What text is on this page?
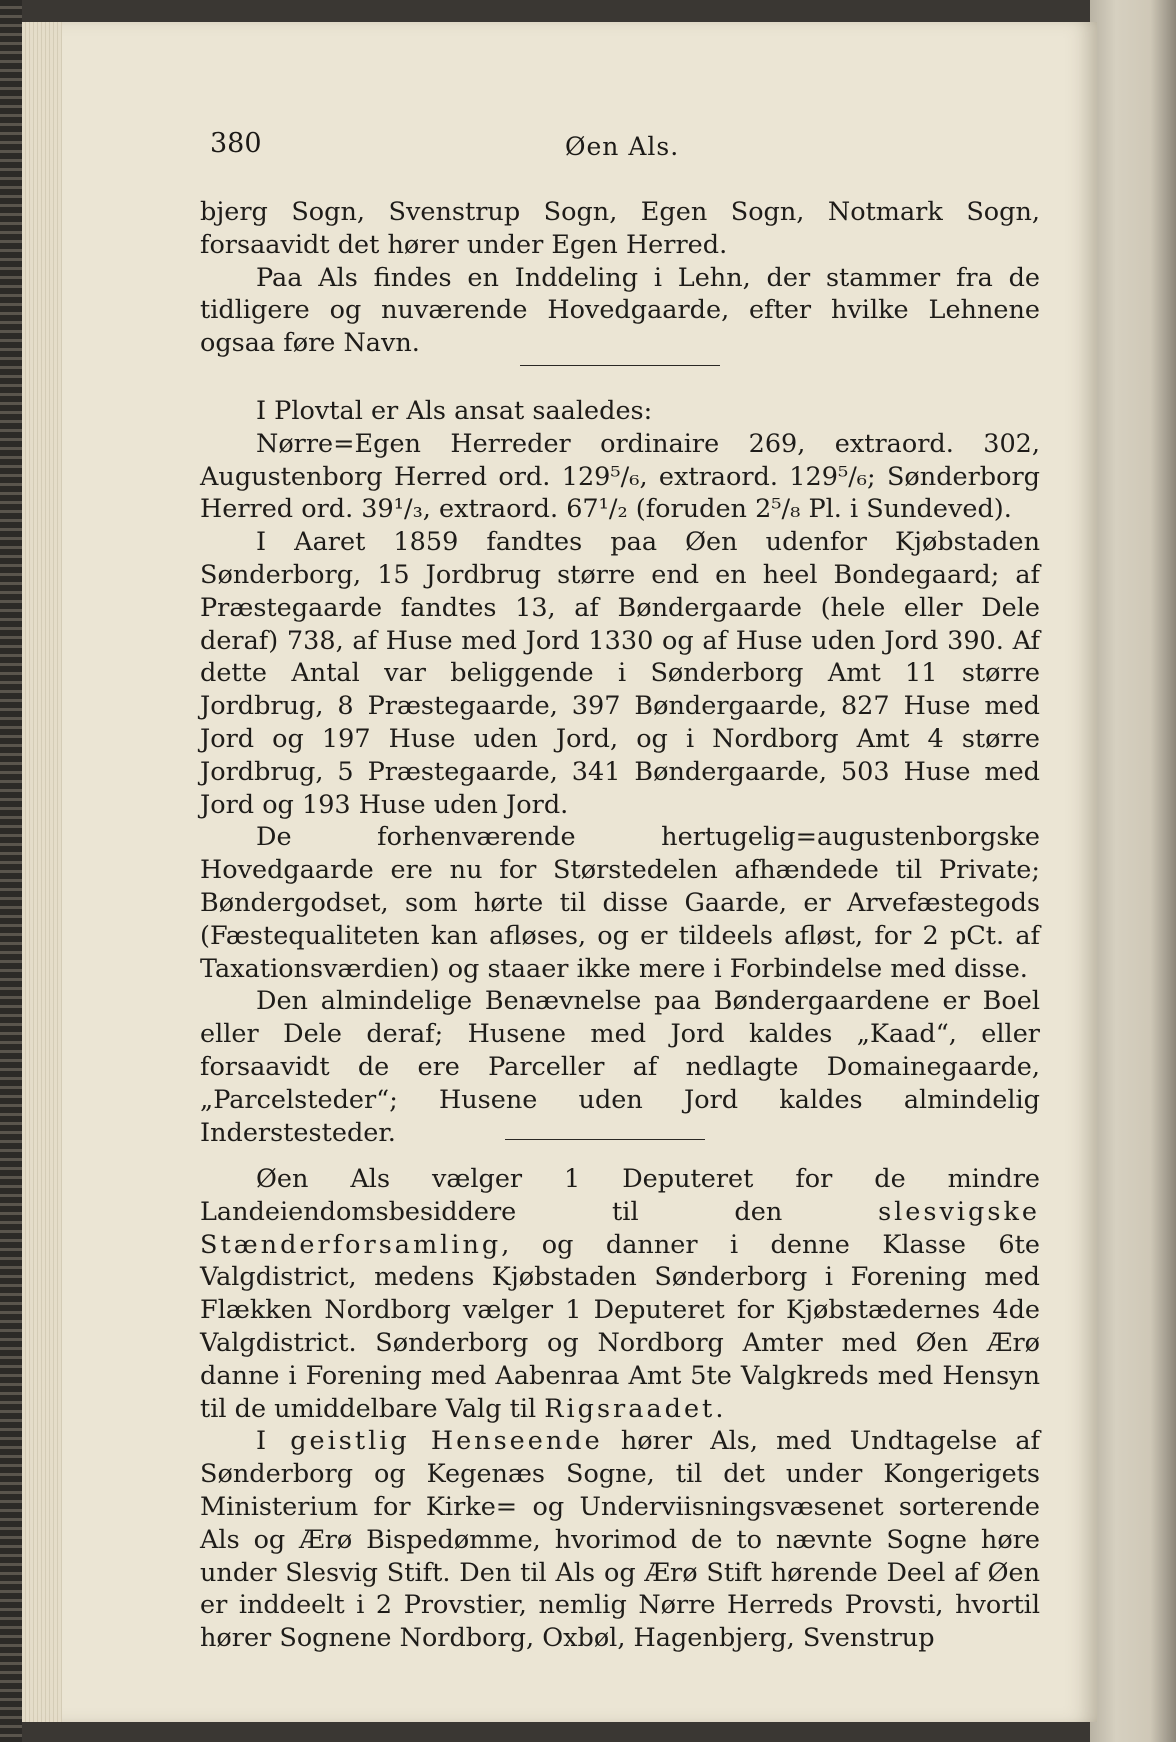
380	Øen Als.

bjerg Sogn, Svenstrup Sogn, Egen Sogn, Notmark Sogn, forsaavidt det hører under Egen Herred.

Paa Als findes en Inddeling i Lehn, der stammer fra de tidligere og nuværende Hovedgaarde, efter hvilke Lehnene ogsaa føre Navn.

I Plovtal er Als ansat saaledes:

Nørre=Egen Herreder ordinaire 269, extraord. 302, Augustenborg Herred ord. 129⁵/₆, extraord. 129⁵/₆; Sønderborg Herred ord. 39¹/₃, extraord. 67¹/₂ (foruden 2⁵/₈ Pl. i Sundeved).

I Aaret 1859 fandtes paa Øen udenfor Kjøbstaden Sønderborg, 15 Jordbrug større end en heel Bondegaard; af Præstegaarde fandtes 13, af Bøndergaarde (hele eller Dele deraf) 738, af Huse med Jord 1330 og af Huse uden Jord 390. Af dette Antal var beliggende i Sønderborg Amt 11 større Jordbrug, 8 Præstegaarde, 397 Bøndergaarde, 827 Huse med Jord og 197 Huse uden Jord, og i Nordborg Amt 4 større Jordbrug, 5 Præstegaarde, 341 Bøndergaarde, 503 Huse med Jord og 193 Huse uden Jord.

De forhenværende hertugelig=augustenborgske Hovedgaarde ere nu for Størstedelen afhændede til Private; Bøndergodset, som hørte til disse Gaarde, er Arvefæstegods (Fæstequaliteten kan afløses, og er tildeels afløst, for 2 pCt. af Taxationsværdien) og staaer ikke mere i Forbindelse med disse.

Den almindelige Benævnelse paa Bøndergaardene er Boel eller Dele deraf; Husene med Jord kaldes „Kaad“, eller forsaavidt de ere Parceller af nedlagte Domainegaarde, „Parcelsteder“; Husene uden Jord kaldes almindelig Inderstesteder.

Øen Als vælger 1 Deputeret for de mindre Landeiendomsbesiddere til den slesvigske Stænderforsamling, og danner i denne Klasse 6te Valgdistrict, medens Kjøbstaden Sønderborg i Forening med Flækken Nordborg vælger 1 Deputeret for Kjøbstædernes 4de Valgdistrict. Sønderborg og Nordborg Amter med Øen Ærø danne i Forening med Aabenraa Amt 5te Valgkreds med Hensyn til de umiddelbare Valg til Rigsraadet.

I geistlig Henseende hører Als, med Undtagelse af Sønderborg og Kegenæs Sogne, til det under Kongerigets Ministerium for Kirke= og Underviisningsvæsenet sorterende Als og Ærø Bispedømme, hvorimod de to nævnte Sogne høre under Slesvig Stift. Den til Als og Ærø Stift hørende Deel af Øen er inddeelt i 2 Provstier, nemlig Nørre Herreds Provsti, hvortil hører Sognene Nordborg, Oxbøl, Hagenbjerg, Svenstrup
